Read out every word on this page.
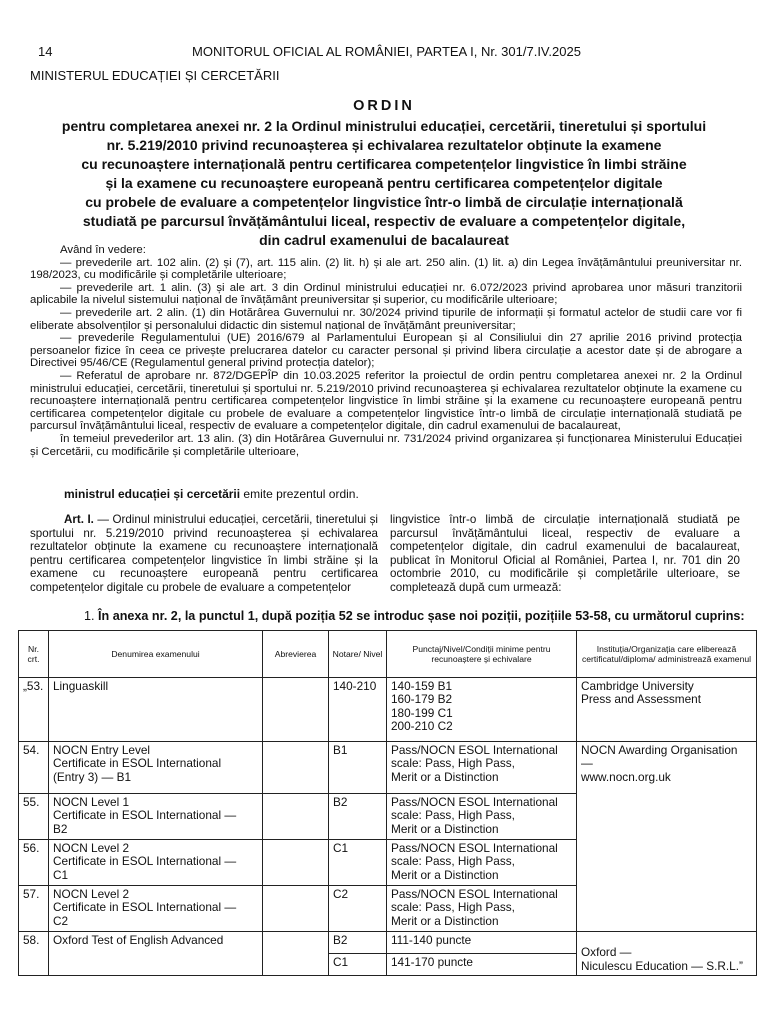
14	MONITORUL OFICIAL AL ROMÂNIEI, PARTEA I, Nr. 301/7.IV.2025
MINISTERUL EDUCAȚIEI ȘI CERCETĂRII
ORDIN
pentru completarea anexei nr. 2 la Ordinul ministrului educației, cercetării, tineretului și sportului
nr. 5.219/2010 privind recunoașterea și echivalarea rezultatelor obținute la examene
cu recunoaștere internațională pentru certificarea competențelor lingvistice în limbi străine
și la examene cu recunoaștere europeană pentru certificarea competențelor digitale
cu probele de evaluare a competențelor lingvistice într-o limbă de circulație internațională
studiată pe parcursul învățământului liceal, respectiv de evaluare a competențelor digitale,
din cadrul examenului de bacalaureat

Având în vedere:

— prevederile art. 102 alin. (2) și (7), art. 115 alin. (2) lit. h) și ale art. 250 alin. (1) lit. a) din Legea învățământului preuniversitar nr. 198/2023, cu modificările și completările ulterioare;

— prevederile art. 1 alin. (3) și ale art. 3 din Ordinul ministrului educației nr. 6.072/2023 privind aprobarea unor măsuri tranzitorii aplicabile la nivelul sistemului național de învățământ preuniversitar și superior, cu modificările ulterioare;

— prevederile art. 2 alin. (1) din Hotărârea Guvernului nr. 30/2024 privind tipurile de informații și formatul actelor de studii care vor fi eliberate absolvenților și personalului didactic din sistemul național de învățământ preuniversitar;

— prevederile Regulamentului (UE) 2016/679 al Parlamentului European și al Consiliului din 27 aprilie 2016 privind protecția persoanelor fizice în ceea ce privește prelucrarea datelor cu caracter personal și privind libera circulație a acestor date și de abrogare a Directivei 95/46/CE (Regulamentul general privind protecția datelor);

— Referatul de aprobare nr. 872/DGEPÎP din 10.03.2025 referitor la proiectul de ordin pentru completarea anexei nr. 2 la Ordinul ministrului educației, cercetării, tineretului și sportului nr. 5.219/2010 privind recunoașterea și echivalarea rezultatelor obținute la examene cu recunoaștere internațională pentru certificarea competențelor lingvistice în limbi străine și la examene cu recunoaștere europeană pentru certificarea competențelor digitale cu probele de evaluare a competențelor lingvistice într-o limbă de circulație internațională studiată pe parcursul învățământului liceal, respectiv de evaluare a competențelor digitale, din cadrul examenului de bacalaureat,

în temeiul prevederilor art. 13 alin. (3) din Hotărârea Guvernului nr. 731/2024 privind organizarea și funcționarea Ministerului Educației și Cercetării, cu modificările și completările ulterioare,

ministrul educației și cercetării emite prezentul ordin.

Art. I. — Ordinul ministrului educației, cercetării, tineretului și sportului nr. 5.219/2010 privind recunoașterea și echivalarea rezultatelor obținute la examene cu recunoaștere internațională pentru certificarea competențelor lingvistice în limbi străine și la examene cu recunoaștere europeană pentru certificarea competențelor digitale cu probele de evaluare a competențelor

lingvistice într-o limbă de circulație internațională studiată pe parcursul învățământului liceal, respectiv de evaluare a competențelor digitale, din cadrul examenului de bacalaureat, publicat în Monitorul Oficial al României, Partea I, nr. 701 din 20 octombrie 2010, cu modificările și completările ulterioare, se completează după cum urmează:

1. În anexa nr. 2, la punctul 1, după poziția 52 se introduc șase noi poziții, pozițiile 53-58, cu următorul cuprins:
Nr. crt.	Denumirea examenului	Abrevierea	Notare/ Nivel	Punctaj/Nivel/Condiții minime pentru recunoaștere și echivalare	Instituția/Organizația care eliberează certificatul/diploma/ administrează examenul
„53.	Linguaskill		140-210	140-159 B1
160-179 B2
180-199 C1
200-210 C2	Cambridge University
Press and Assessment
54.	NOCN Entry Level
Certificate in ESOL International
(Entry 3) — B1		B1	Pass/NOCN ESOL International
scale: Pass, High Pass,
Merit or a Distinction	NOCN Awarding Organisation —
www.nocn.org.uk
55.	NOCN Level 1
Certificate in ESOL International —
B2		B2	Pass/NOCN ESOL International
scale: Pass, High Pass,
Merit or a Distinction	
56.	NOCN Level 2
Certificate in ESOL International —
C1		C1	Pass/NOCN ESOL International
scale: Pass, High Pass,
Merit or a Distinction	
57.	NOCN Level 2
Certificate in ESOL International —
C2		C2	Pass/NOCN ESOL International
scale: Pass, High Pass,
Merit or a Distinction	
58.	Oxford Test of English Advanced		B2	111-140 puncte	Oxford —
Niculescu Education — S.R.L.”
			C1	141-170 puncte	
